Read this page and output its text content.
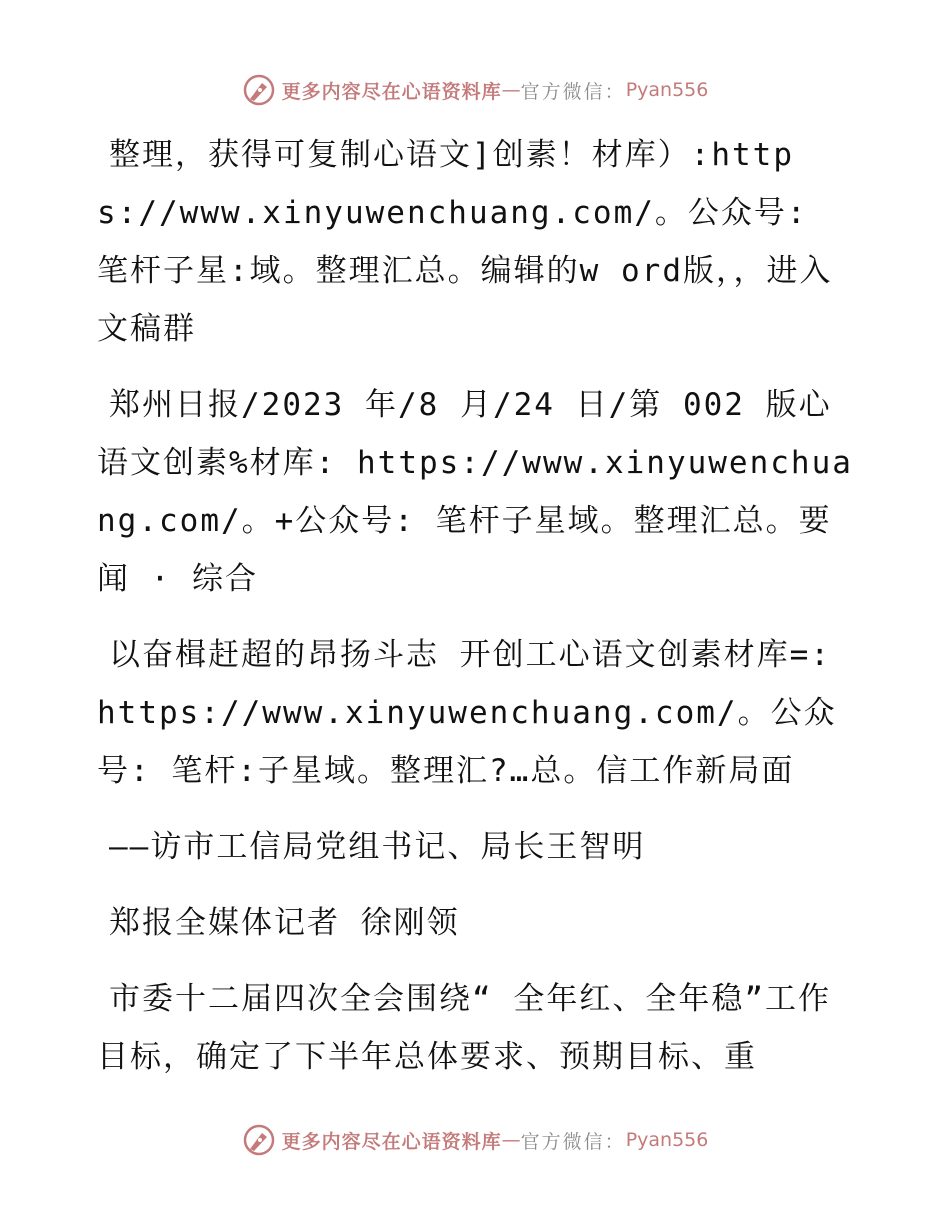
更多内容尽在心语资料库 — 官方微信： Pyan556

整理，获得可复制心语文]创素！材库）:https://www.xinyuwenchuang.com/。公众号: 笔杆子星:域。整理汇总。编辑的w ord版，，进入文稿群

郑州日报/2023 年/8 月/24 日/第 002 版心语文创素%材库: https://www.xinyuwenchuang.com/。+公众号: 笔杆子星域。整理汇总。要闻 · 综合

以奋楫赶超的昂扬斗志 开创工心语文创素材库=: https://www.xinyuwenchuang.com/。公众号: 笔杆:子星域。整理汇?…总。信工作新局面

——访市工信局党组书记、局长王智明

郑报全媒体记者 徐刚领

市委十二届四次全会围绕“ 全年红、全年稳”工作目标，确定了下半年总体要求、预期目标、重

更多内容尽在心语资料库 — 官方微信： Pyan556
